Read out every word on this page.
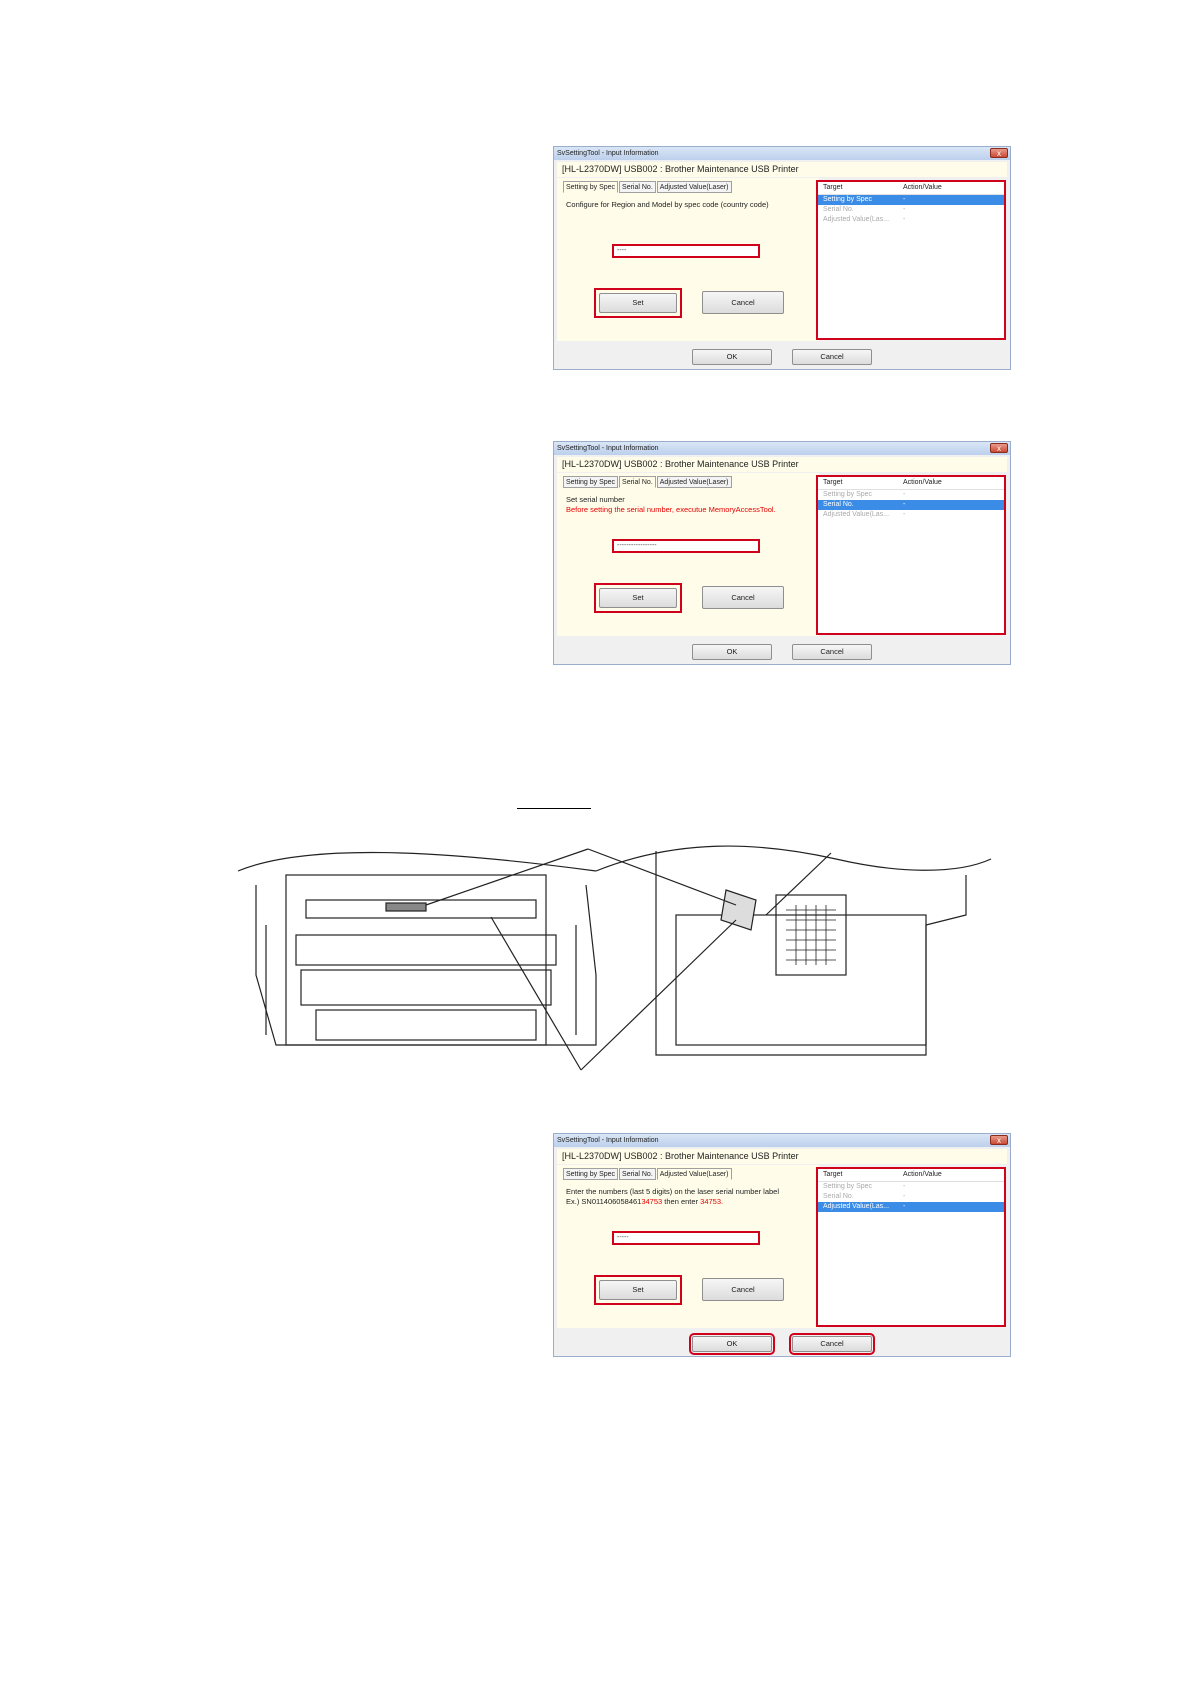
SvSettingTool - Input Information	x
[HL-L2370DW] USB002 : Brother Maintenance USB Printer
Setting by Spec	Serial No.	Adjusted Value(Laser)
Configure for Region and Model by spec code (country code)
----
Set	Cancel
Target	Action/Value
Setting by Spec	-
Serial No.	-
Adjusted Value(Las...	-
OK	Cancel
SvSettingTool - Input Information	x
[HL-L2370DW] USB002 : Brother Maintenance USB Printer
Setting by Spec	Serial No.	Adjusted Value(Laser)
Set serial number
Before setting the serial number, executue MemoryAccessTool.
-----------------
Set	Cancel
Target	Action/Value
Setting by Spec	-
Serial No.	-
Adjusted Value(Las...	-
OK	Cancel
SvSettingTool - Input Information	x
[HL-L2370DW] USB002 : Brother Maintenance USB Printer
Setting by Spec	Serial No.	Adjusted Value(Laser)
Enter the numbers (last 5 digits) on the laser serial number label
Ex.) SN01140605846134753 then enter 34753.
-----
Set	Cancel
Target	Action/Value
Setting by Spec	-
Serial No.	-
Adjusted Value(Las...	-
OK	Cancel
